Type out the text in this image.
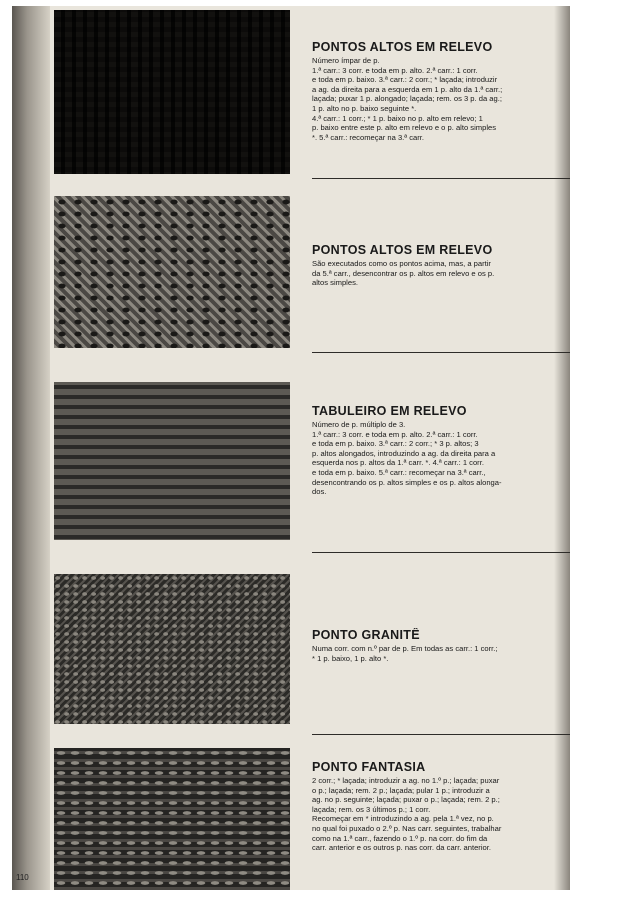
PONTOS ALTOS EM RELEVO

Número ímpar de p.

1.ª carr.: 3 corr. e toda em p. alto. 2.ª carr.: 1 corr.

e toda em p. baixo. 3.ª carr.: 2 corr.; * laçada; introduzir

a ag. da direita para a esquerda em 1 p. alto da 1.ª carr.;

laçada; puxar 1 p. alongado; laçada; rem. os 3 p. da ag.;

1 p. alto no p. baixo seguinte *.

4.ª carr.: 1 corr.; * 1 p. baixo no p. alto em relevo; 1

p. baixo entre este p. alto em relevo e o p. alto simples

*. 5.ª carr.: recomeçar na 3.ª carr.

PONTOS ALTOS EM RELEVO

São executados como os pontos acima, mas, a partir

da 5.ª carr., desencontrar os p. altos em relevo e os p.

altos simples.

TABULEIRO EM RELEVO

Número de p. múltiplo de 3.

1.ª carr.: 3 corr. e toda em p. alto. 2.ª carr.: 1 corr.

e toda em p. baixo. 3.ª carr.: 2 corr.; * 3 p. altos; 3

p. altos alongados, introduzindo a ag. da direita para a

esquerda nos p. altos da 1.ª carr. *. 4.ª carr.: 1 corr.

e toda em p. baixo. 5.ª carr.: recomeçar na 3.ª carr.,

desencontrando os p. altos simples e os p. altos alonga-

dos.

PONTO GRANITÊ

Numa corr. com n.º par de p. Em todas as carr.: 1 corr.;

* 1 p. baixo, 1 p. alto *.

PONTO FANTASIA

2 corr.; * laçada; introduzir a ag. no 1.º p.; laçada; puxar

o p.; laçada; rem. 2 p.; laçada; pular 1 p.; introduzir a

ag. no p. seguinte; laçada; puxar o p.; laçada; rem. 2 p.;

laçada; rem. os 3 últimos p.; 1 corr.

Recomeçar em * introduzindo a ag. pela 1.ª vez, no p.

no qual foi puxado o 2.º p. Nas carr. seguintes, trabalhar

como na 1.ª carr., fazendo o 1.º p. na corr. do fim da

carr. anterior e os outros p. nas corr. da carr. anterior.

110
